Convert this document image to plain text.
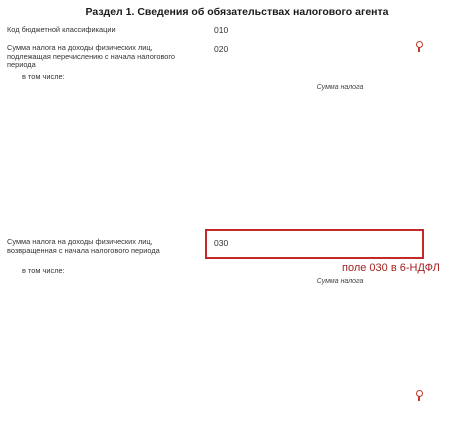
Раздел 1. Сведения об обязательствах налогового агента
Код бюджетной классификации	010
Сумма налога на доходы физических лиц, подлежащая перечислению с начала налогового периода
в том числе:
020
Сумма налога
Сумма налога на доходы физических лиц, возвращенная с начала налогового периода
в том числе:
030
поле 030 в 6-НДФЛ
Сумма налога
